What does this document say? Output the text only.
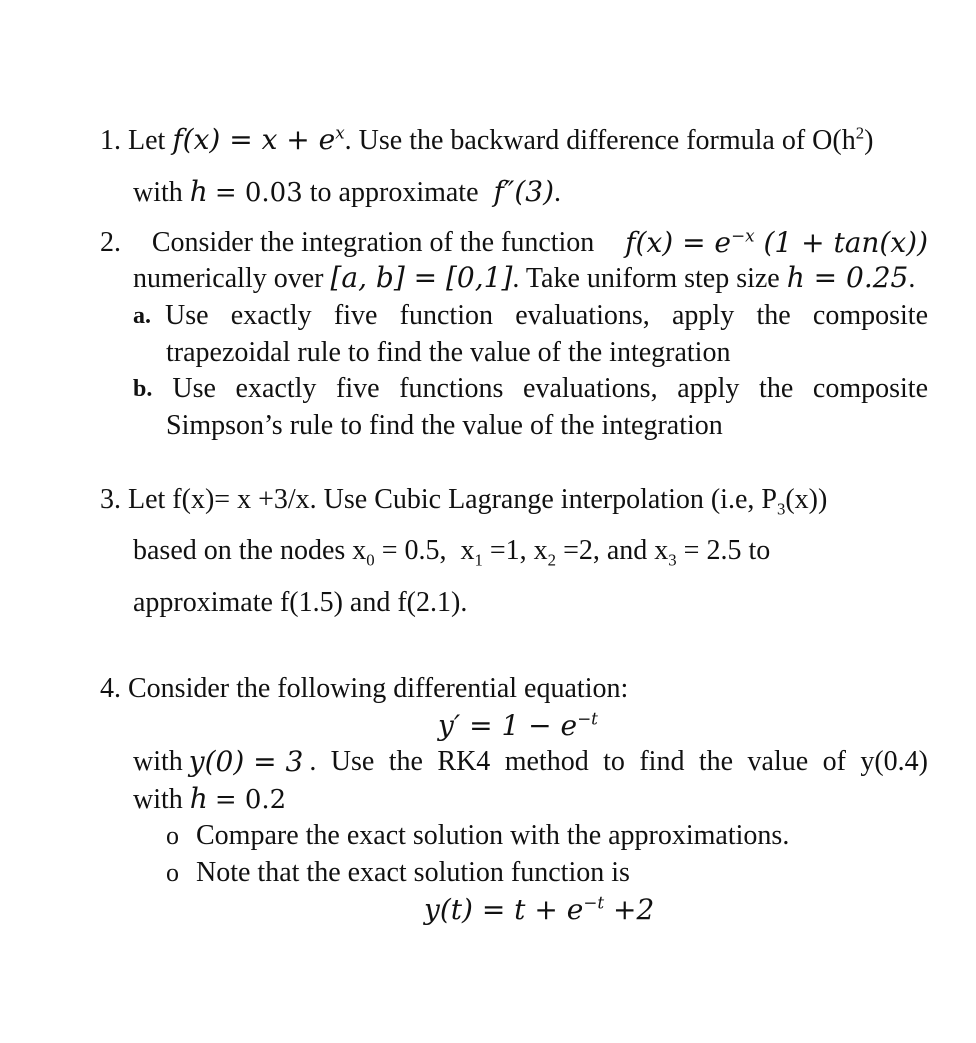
1. Let $f(x) = x + e^x$. Use the backward difference formula of $O(h^2)$
with h = 0.03 to approximate f″(3).
2. Consider the integration of the function $f(x) = e^{-x}$ (1 + tan(x))
numerically over [a, b] = [0,1]. Take uniform step size h = 0.25.
a. Use exactly five function evaluations, apply the composite
trapezoidal rule to find the value of the integration
b. Use exactly five functions evaluations, apply the composite
Simpson’s rule to find the value of the integration
3. Let f(x)= x +3/x. Use Cubic Lagrange interpolation (i.e, $P_3(x)$)
based on the nodes $x_0 = 0.5$,  $x_1 =1$, $x_2 =2$, and $x_3 = 2.5$ to
approximate f(1.5) and f(2.1).
4. Consider the following differential equation:
$y' = 1 - e^{-t}$
with y(0) = 3 . Use the RK4 method to find the value of y(0.4)
with h = 0.2
o Compare the exact solution with the approximations.
o Note that the exact solution function is
$y(t) = t + e^{-t} +2$
